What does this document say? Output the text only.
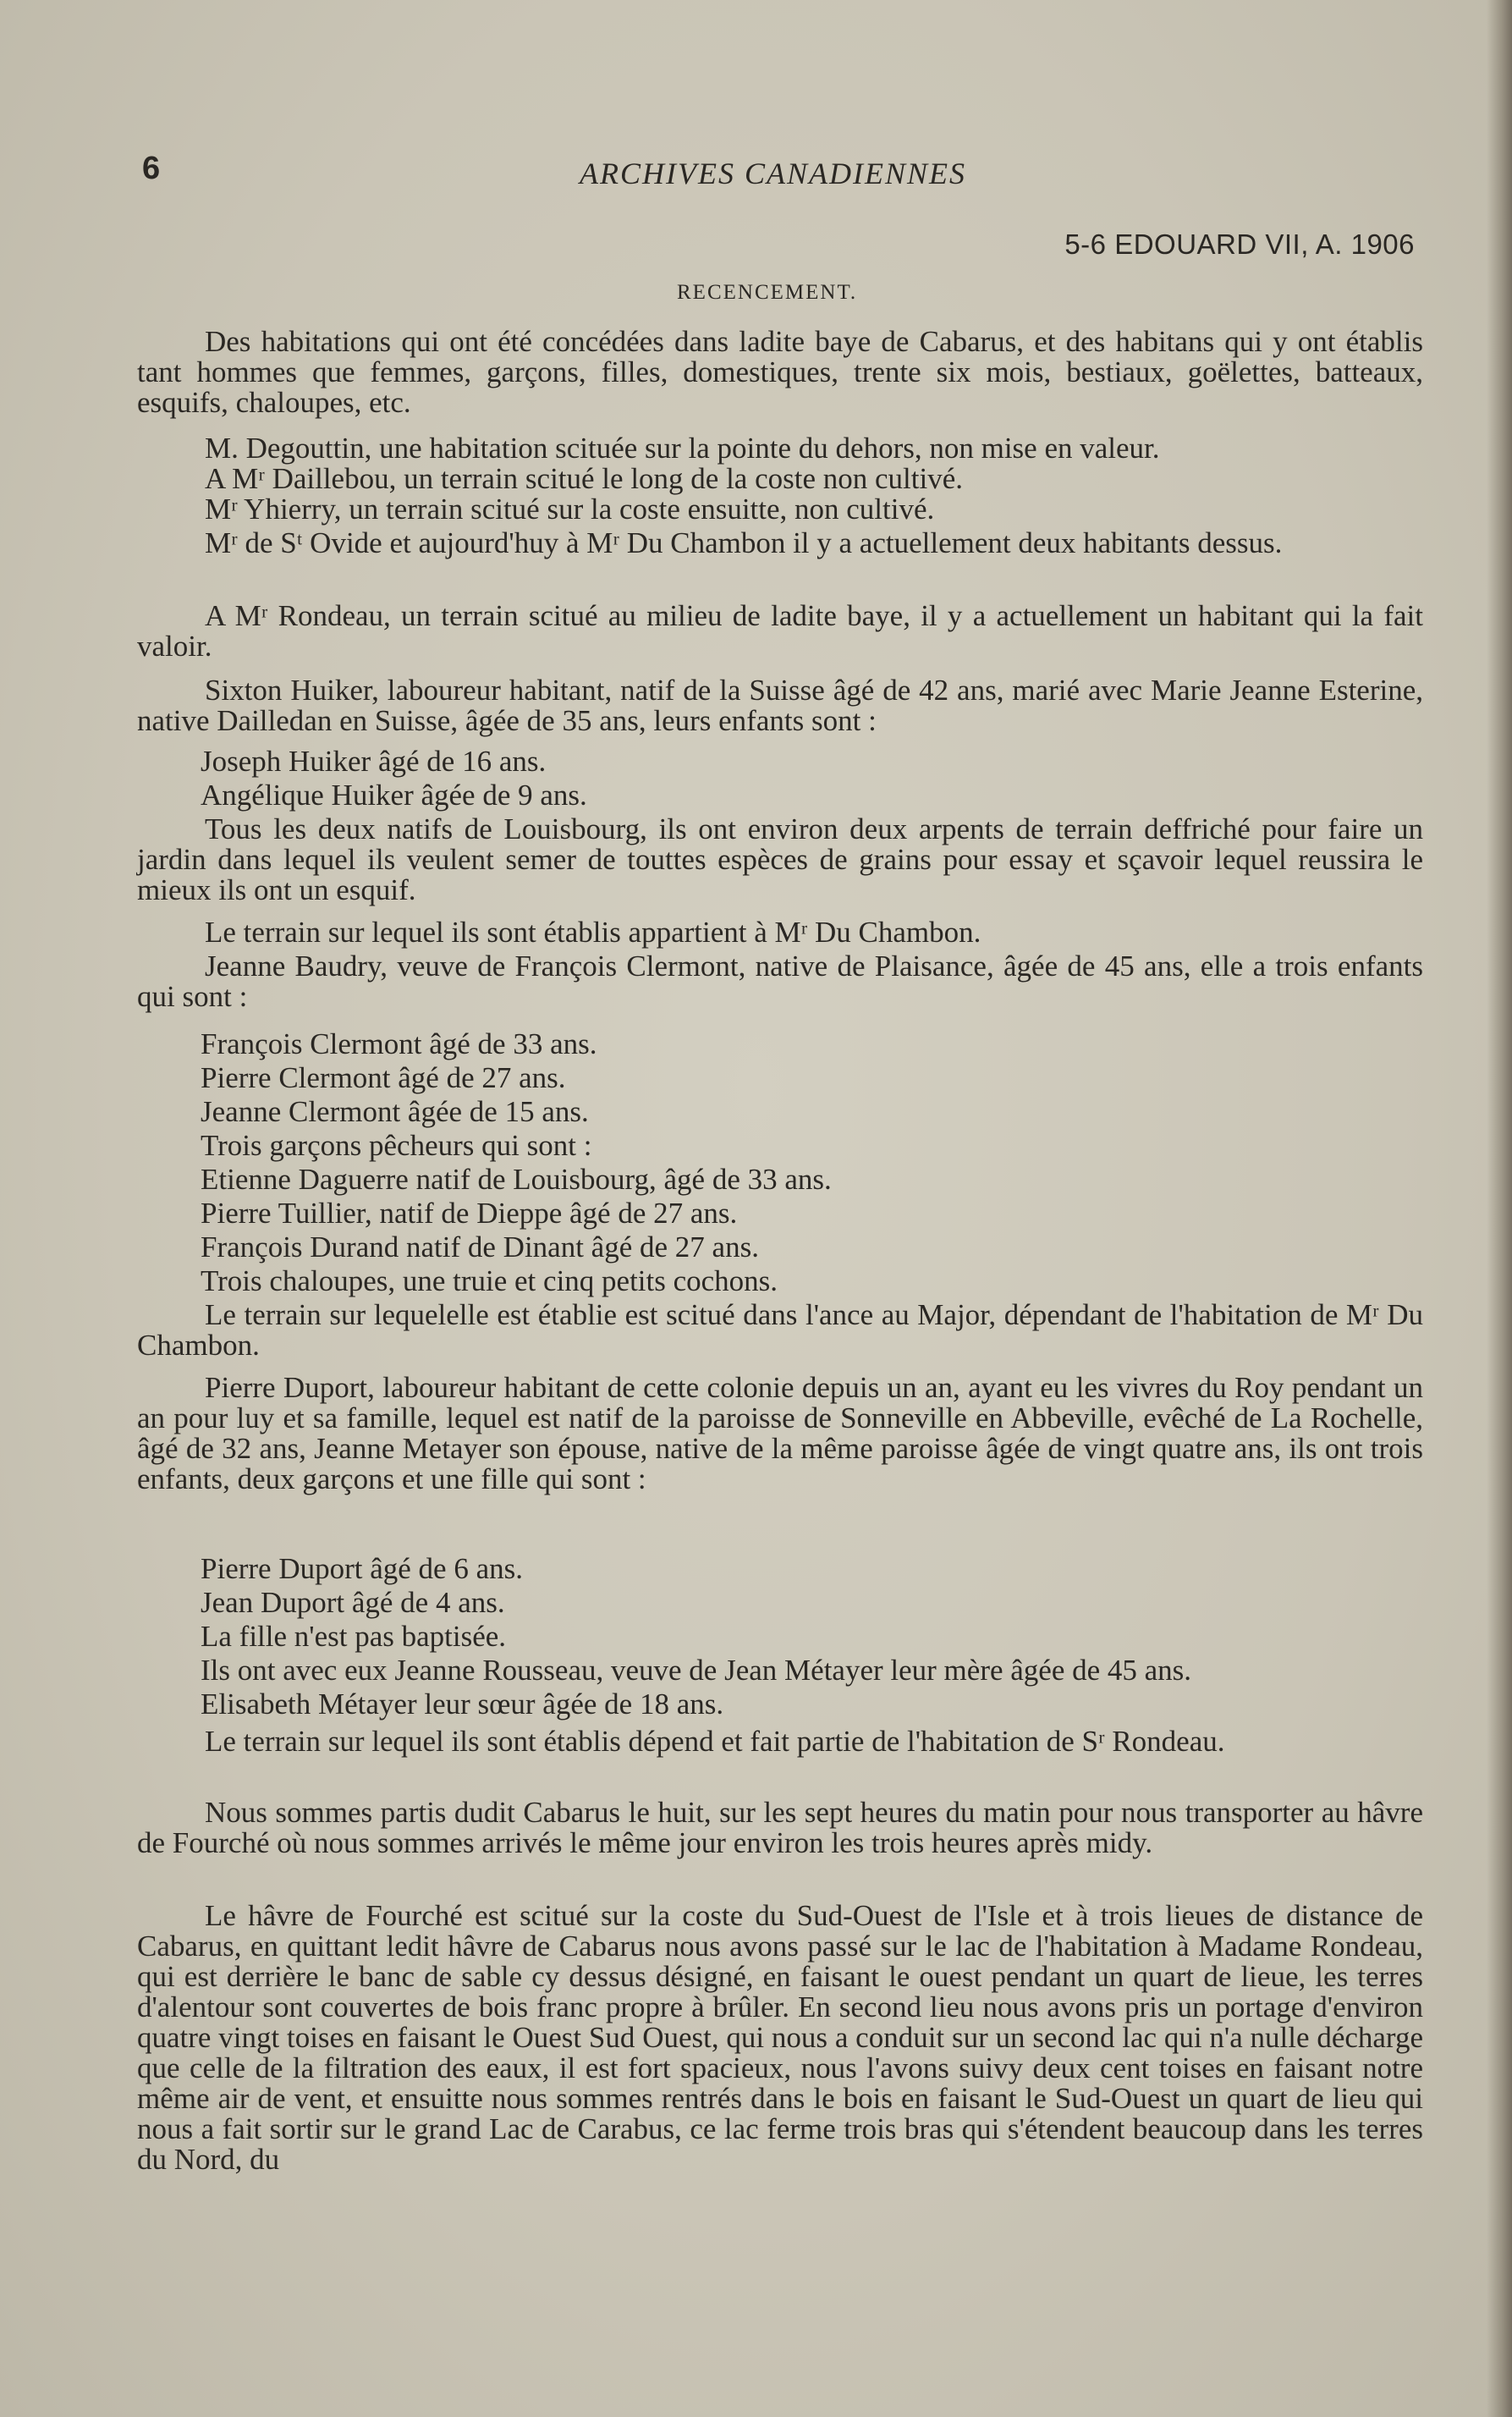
6	ARCHIVES CANADIENNES
5-6 EDOUARD VII, A. 1906
RECENCEMENT.

Des habitations qui ont été concédées dans ladite baye de Cabarus, et des habitans qui y ont établis tant hommes que femmes, garçons, filles, domestiques, trente six mois, bestiaux, goëlettes, batteaux, esquifs, chaloupes, etc.

M. Degouttin, une habitation scituée sur la pointe du dehors, non mise en valeur.

A Mʳ Daillebou, un terrain scitué le long de la coste non cultivé.

Mʳ Yhierry, un terrain scitué sur la coste ensuitte, non cultivé.

Mʳ de Sᵗ Ovide et aujourd'huy à Mʳ Du Chambon il y a actuellement deux habitants dessus.

A Mʳ Rondeau, un terrain scitué au milieu de ladite baye, il y a actuellement un habitant qui la fait valoir.

Sixton Huiker, laboureur habitant, natif de la Suisse âgé de 42 ans, marié avec Marie Jeanne Esterine, native Dailledan en Suisse, âgée de 35 ans, leurs enfants sont :

Joseph Huiker âgé de 16 ans.

Angélique Huiker âgée de 9 ans.

Tous les deux natifs de Louisbourg, ils ont environ deux arpents de terrain deffriché pour faire un jardin dans lequel ils veulent semer de touttes espèces de grains pour essay et sçavoir lequel reussira le mieux ils ont un esquif.

Le terrain sur lequel ils sont établis appartient à Mʳ Du Chambon.

Jeanne Baudry, veuve de François Clermont, native de Plaisance, âgée de 45 ans, elle a trois enfants qui sont :

François Clermont âgé de 33 ans.

Pierre Clermont âgé de 27 ans.

Jeanne Clermont âgée de 15 ans.

Trois garçons pêcheurs qui sont :

Etienne Daguerre natif de Louisbourg, âgé de 33 ans.

Pierre Tuillier, natif de Dieppe âgé de 27 ans.

François Durand natif de Dinant âgé de 27 ans.

Trois chaloupes, une truie et cinq petits cochons.

Le terrain sur lequelelle est établie est scitué dans l'ance au Major, dépendant de l'habitation de Mʳ Du Chambon.

Pierre Duport, laboureur habitant de cette colonie depuis un an, ayant eu les vivres du Roy pendant un an pour luy et sa famille, lequel est natif de la paroisse de Sonneville en Abbeville, evêché de La Rochelle, âgé de 32 ans, Jeanne Metayer son épouse, native de la même paroisse âgée de vingt quatre ans, ils ont trois enfants, deux garçons et une fille qui sont :

Pierre Duport âgé de 6 ans.

Jean Duport âgé de 4 ans.

La fille n'est pas baptisée.

Ils ont avec eux Jeanne Rousseau, veuve de Jean Métayer leur mère âgée de 45 ans.

Elisabeth Métayer leur sœur âgée de 18 ans.

Le terrain sur lequel ils sont établis dépend et fait partie de l'habitation de Sʳ Rondeau.

Nous sommes partis dudit Cabarus le huit, sur les sept heures du matin pour nous transporter au hâvre de Fourché où nous sommes arrivés le même jour environ les trois heures après midy.

Le hâvre de Fourché est scitué sur la coste du Sud-Ouest de l'Isle et à trois lieues de distance de Cabarus, en quittant ledit hâvre de Cabarus nous avons passé sur le lac de l'habitation à Madame Rondeau, qui est derrière le banc de sable cy dessus désigné, en faisant le ouest pendant un quart de lieue, les terres d'alentour sont couvertes de bois franc propre à brûler. En second lieu nous avons pris un portage d'environ quatre vingt toises en faisant le Ouest Sud Ouest, qui nous a conduit sur un second lac qui n'a nulle décharge que celle de la filtration des eaux, il est fort spacieux, nous l'avons suivy deux cent toises en faisant notre même air de vent, et ensuitte nous sommes rentrés dans le bois en faisant le Sud-Ouest un quart de lieu qui nous a fait sortir sur le grand Lac de Carabus, ce lac ferme trois bras qui s'étendent beaucoup dans les terres du Nord, du
